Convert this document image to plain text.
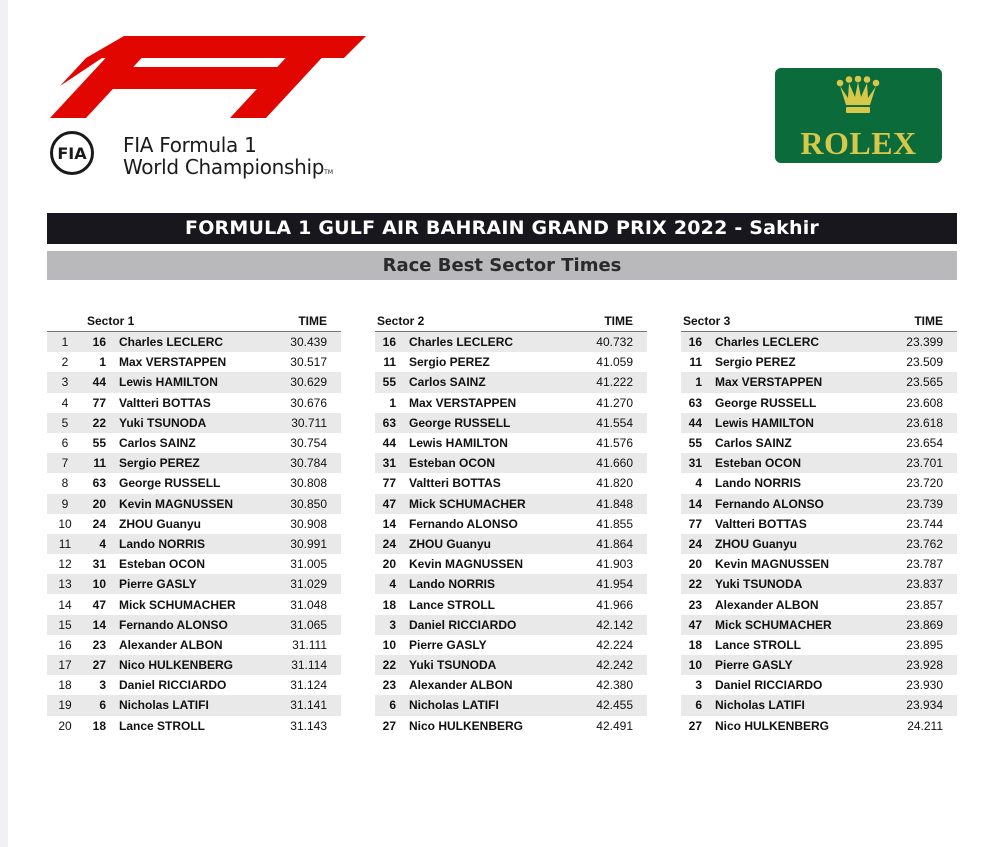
FIA FIA Formula 1
World ChampionshipTM
ROLEX
FORMULA 1 GULF AIR BAHRAIN GRAND PRIX 2022 - Sakhir
Race Best Sector Times
Sector 1			TIME
1	16	Charles LECLERC	30.439
2	1	Max VERSTAPPEN	30.517
3	44	Lewis HAMILTON	30.629
4	77	Valtteri BOTTAS	30.676
5	22	Yuki TSUNODA	30.711
6	55	Carlos SAINZ	30.754
7	11	Sergio PEREZ	30.784
8	63	George RUSSELL	30.808
9	20	Kevin MAGNUSSEN	30.850
10	24	ZHOU Guanyu	30.908
11	4	Lando NORRIS	30.991
12	31	Esteban OCON	31.005
13	10	Pierre GASLY	31.029
14	47	Mick SCHUMACHER	31.048
15	14	Fernando ALONSO	31.065
16	23	Alexander ALBON	31.111
17	27	Nico HULKENBERG	31.114
18	3	Daniel RICCIARDO	31.124
19	6	Nicholas LATIFI	31.141
20	18	Lance STROLL	31.143
Sector 2		TIME
16	Charles LECLERC	40.732
11	Sergio PEREZ	41.059
55	Carlos SAINZ	41.222
1	Max VERSTAPPEN	41.270
63	George RUSSELL	41.554
44	Lewis HAMILTON	41.576
31	Esteban OCON	41.660
77	Valtteri BOTTAS	41.820
47	Mick SCHUMACHER	41.848
14	Fernando ALONSO	41.855
24	ZHOU Guanyu	41.864
20	Kevin MAGNUSSEN	41.903
4	Lando NORRIS	41.954
18	Lance STROLL	41.966
3	Daniel RICCIARDO	42.142
10	Pierre GASLY	42.224
22	Yuki TSUNODA	42.242
23	Alexander ALBON	42.380
6	Nicholas LATIFI	42.455
27	Nico HULKENBERG	42.491
Sector 3		TIME
16	Charles LECLERC	23.399
11	Sergio PEREZ	23.509
1	Max VERSTAPPEN	23.565
63	George RUSSELL	23.608
44	Lewis HAMILTON	23.618
55	Carlos SAINZ	23.654
31	Esteban OCON	23.701
4	Lando NORRIS	23.720
14	Fernando ALONSO	23.739
77	Valtteri BOTTAS	23.744
24	ZHOU Guanyu	23.762
20	Kevin MAGNUSSEN	23.787
22	Yuki TSUNODA	23.837
23	Alexander ALBON	23.857
47	Mick SCHUMACHER	23.869
18	Lance STROLL	23.895
10	Pierre GASLY	23.928
3	Daniel RICCIARDO	23.930
6	Nicholas LATIFI	23.934
27	Nico HULKENBERG	24.211
